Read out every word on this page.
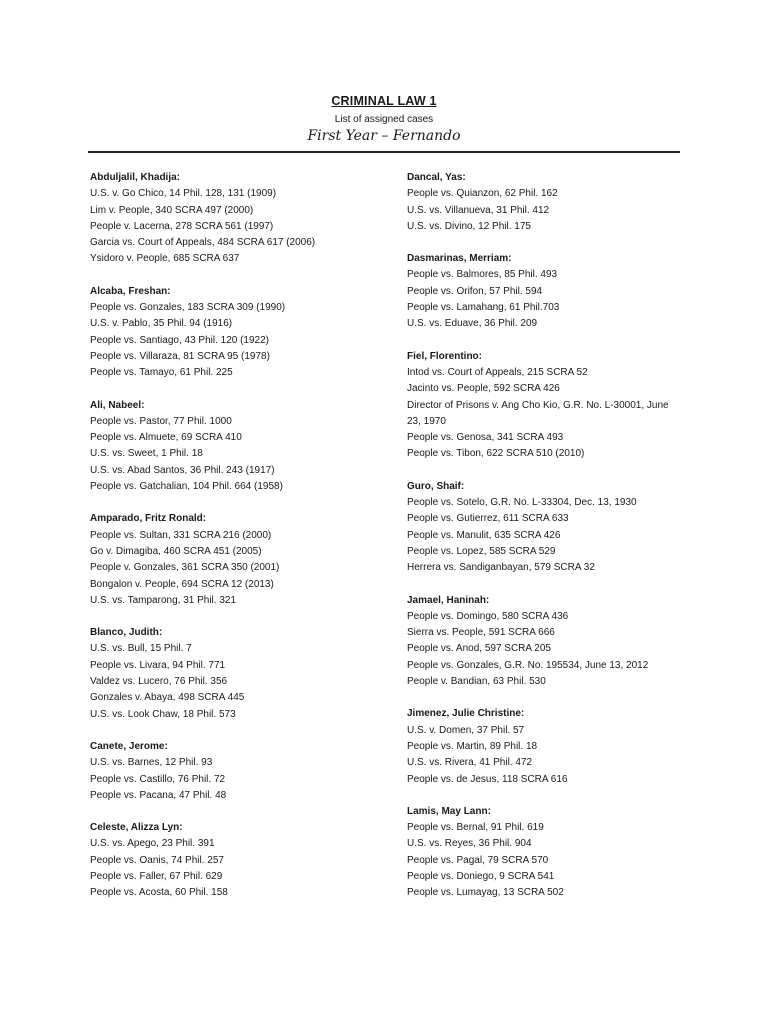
CRIMINAL LAW 1
List of assigned cases
First Year – Fernando
Abduljalil, Khadija:
U.S. v. Go Chico, 14 Phil. 128, 131 (1909)
Lim v. People, 340 SCRA 497 (2000)
People v. Lacerna, 278 SCRA 561 (1997)
Garcia vs. Court of Appeals, 484 SCRA 617 (2006)
Ysidoro v. People, 685 SCRA 637
Alcaba, Freshan:
People vs. Gonzales, 183 SCRA 309 (1990)
U.S. v. Pablo, 35 Phil. 94 (1916)
People vs. Santiago, 43 Phil. 120 (1922)
People vs. Villaraza, 81 SCRA 95 (1978)
People vs. Tamayo, 61 Phil. 225
Ali, Nabeel:
People vs. Pastor, 77 Phil. 1000
People vs. Almuete, 69 SCRA 410
U.S. vs. Sweet, 1 Phil. 18
U.S. vs. Abad Santos, 36 Phil. 243 (1917)
People vs. Gatchalian, 104 Phil. 664 (1958)
Amparado, Fritz Ronald:
People vs. Sultan, 331 SCRA 216 (2000)
Go v. Dimagiba, 460 SCRA 451 (2005)
People v. Gonzales, 361 SCRA 350 (2001)
Bongalon v. People, 694 SCRA 12 (2013)
U.S. vs. Tamparong, 31 Phil. 321
Blanco, Judith:
U.S. vs. Bull, 15 Phil. 7
People vs. Livara, 94 Phil. 771
Valdez vs. Lucero, 76 Phil. 356
Gonzales v. Abaya, 498 SCRA 445
U.S. vs. Look Chaw, 18 Phil. 573
Canete, Jerome:
U.S. vs. Barnes, 12 Phil. 93
People vs. Castillo, 76 Phil. 72
People vs. Pacana, 47 Phil. 48
Celeste, Alizza Lyn:
U.S. vs. Apego, 23 Phil. 391
People vs. Oanis, 74 Phil. 257
People vs. Faller, 67 Phil. 629
People vs. Acosta, 60 Phil. 158
Dancal, Yas:
People vs. Quianzon, 62 Phil. 162
U.S. vs. Villanueva, 31 Phil. 412
U.S. vs. Divino, 12 Phil. 175
Dasmarinas, Merriam:
People vs. Balmores, 85 Phil. 493
People vs. Orifon, 57 Phil. 594
People vs. Lamahang, 61 Phil.703
U.S. vs. Eduave, 36 Phil. 209
Fiel, Florentino:
Intod vs. Court of Appeals, 215 SCRA 52
Jacinto vs. People, 592 SCRA 426
Director of Prisons v. Ang Cho Kio, G.R. No. L-30001, June 23, 1970
People vs. Genosa, 341 SCRA 493
People vs. Tibon, 622 SCRA 510 (2010)
Guro, Shaif:
People vs. Sotelo, G.R. No. L-33304, Dec. 13, 1930
People vs. Gutierrez, 611 SCRA 633
People vs. Manulit, 635 SCRA 426
People vs. Lopez, 585 SCRA 529
Herrera vs. Sandiganbayan, 579 SCRA 32
Jamael, Haninah:
People vs. Domingo, 580 SCRA 436
Sierra vs. People, 591 SCRA 666
People vs. Anod, 597 SCRA 205
People vs. Gonzales, G.R. No. 195534, June 13, 2012
People v. Bandian, 63 Phil. 530
Jimenez, Julie Christine:
U.S. v. Domen, 37 Phil. 57
People vs. Martin, 89 Phil. 18
U.S. vs. Rivera, 41 Phil. 472
People vs. de Jesus, 118 SCRA 616
Lamis, May Lann:
People vs. Bernal, 91 Phil. 619
U.S. vs. Reyes, 36 Phil. 904
People vs. Pagal, 79 SCRA 570
People vs. Doniego, 9 SCRA 541
People vs. Lumayag, 13 SCRA 502
